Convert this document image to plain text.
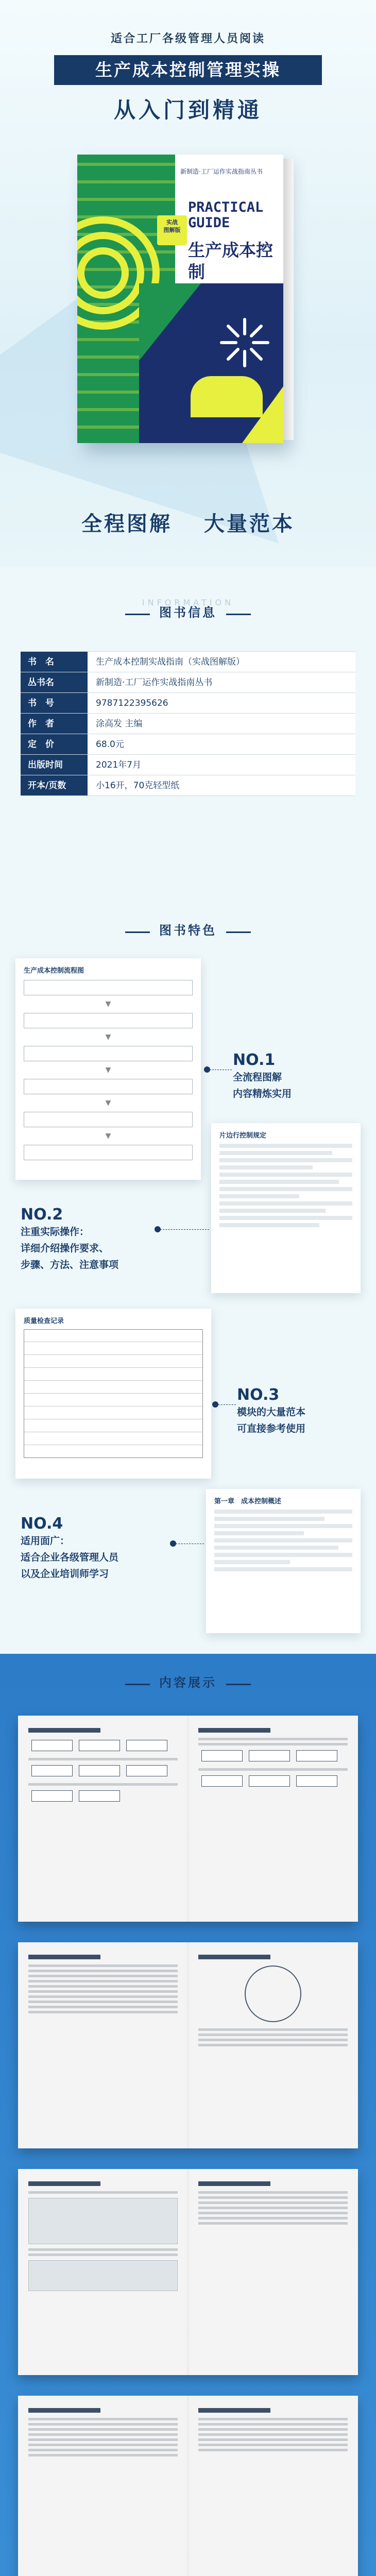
适合工厂各级管理人员阅读
生产成本控制管理实操
从入门到精通
新制造·工厂运作实战指南丛书
实战
图解版
PRACTICAL
GUIDE
生产成本控制
全程图解 大量范本
INFORMATION
图书信息
书　名	生产成本控制实战指南（实战图解版）
丛书名	新制造·工厂运作实战指南丛书
书　号	9787122395626
作　者	涂高发 主编
定　价	68.0元
出版时间	2021年7月
开本/页数	小16开，70克轻型纸
图书特色
生产成本控制流程图
▼
▼
▼
▼
▼
NO.1
全流程图解
内容精炼实用
片边行控制规定
NO.2
注重实际操作：
详细介绍操作要求、
步骤、方法、注意事项
质量检查记录
NO.3
模块的大量范本
可直接参考使用
第一章　成本控制概述
NO.4
适用面广：
适合企业各级管理人员
以及企业培训师学习
内容展示
